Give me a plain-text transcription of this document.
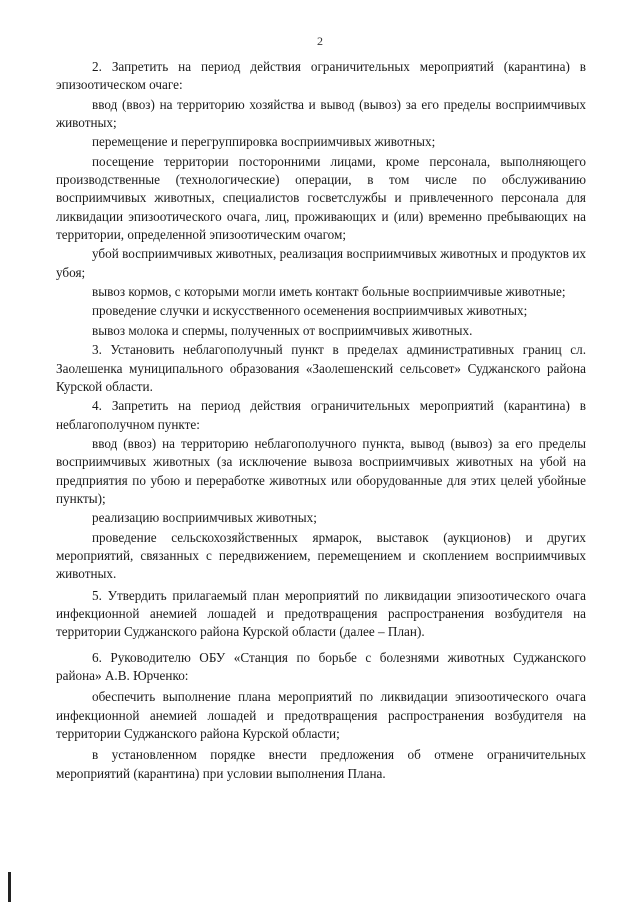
2

2. Запретить на период действия ограничительных мероприятий (карантина) в эпизоотическом очаге:

ввод (ввоз) на территорию хозяйства и вывод (вывоз) за его пределы восприимчивых животных;

перемещение и перегруппировка восприимчивых животных;

посещение территории посторонними лицами, кроме персонала, выполняющего производственные (технологические) операции, в том числе по обслуживанию восприимчивых животных, специалистов госветслужбы и привлеченного персонала для ликвидации эпизоотического очага, лиц, проживающих и (или) временно пребывающих на территории, определенной эпизоотическим очагом;

убой восприимчивых животных, реализация восприимчивых животных и продуктов их убоя;

вывоз кормов, с которыми могли иметь контакт больные восприимчивые животные;

проведение случки и искусственного осеменения восприимчивых животных;

вывоз молока и спермы, полученных от восприимчивых животных.

3. Установить неблагополучный пункт в пределах административных границ сл. Заолешенка муниципального образования «Заолешенский сельсовет» Суджанского района Курской области.

4. Запретить на период действия ограничительных мероприятий (карантина) в неблагополучном пункте:

ввод (ввоз) на территорию неблагополучного пункта, вывод (вывоз) за его пределы восприимчивых животных (за исключение вывоза восприимчивых животных на убой на предприятия по убою и переработке животных или оборудованные для этих целей убойные пункты);

реализацию восприимчивых животных;

проведение сельскохозяйственных ярмарок, выставок (аукционов) и других мероприятий, связанных с передвижением, перемещением и скоплением восприимчивых животных.

5. Утвердить прилагаемый план мероприятий по ликвидации эпизоотического очага инфекционной анемией лошадей и предотвращения распространения возбудителя на территории Суджанского района Курской области (далее – План).

6. Руководителю ОБУ «Станция по борьбе с болезнями животных Суджанского района» А.В. Юрченко:

обеспечить выполнение плана мероприятий по ликвидации эпизоотического очага инфекционной анемией лошадей и предотвращения распространения возбудителя на территории Суджанского района Курской области;

в установленном порядке внести предложения об отмене ограничительных мероприятий (карантина) при условии выполнения Плана.
